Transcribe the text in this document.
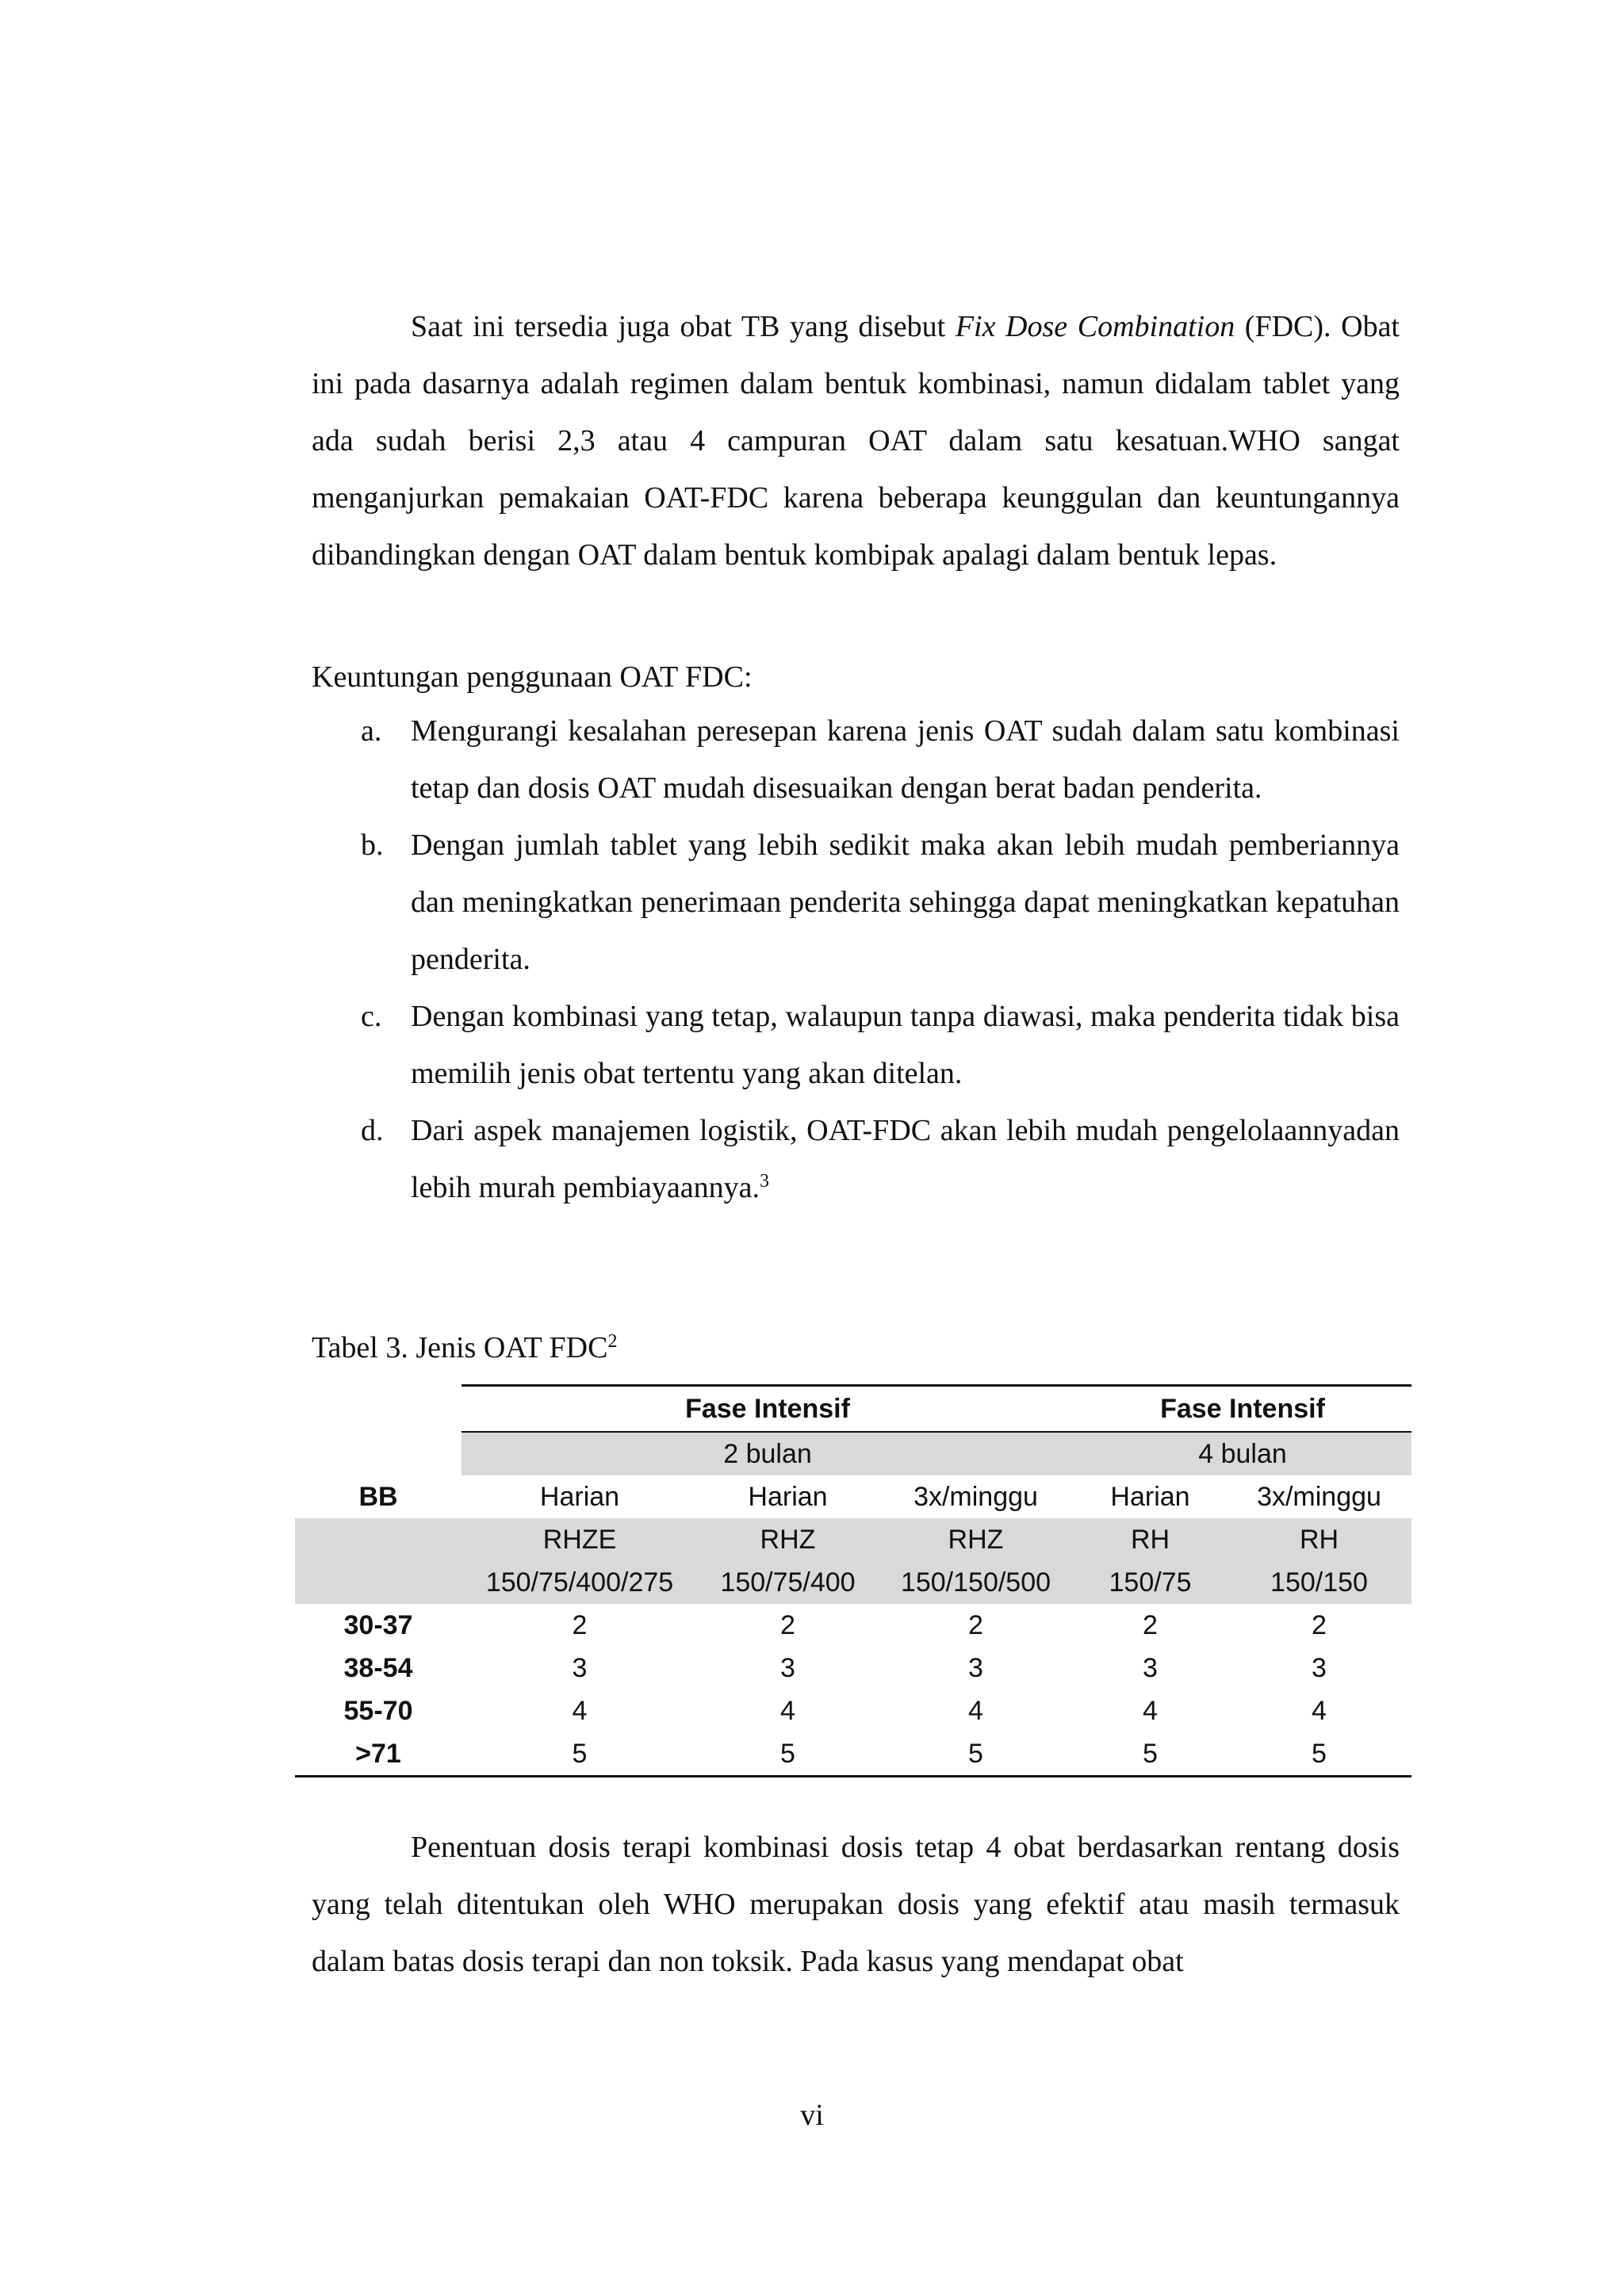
Saat ini tersedia juga obat TB yang disebut Fix Dose Combination (FDC). Obat ini pada dasarnya adalah regimen dalam bentuk kombinasi, namun didalam tablet yang ada sudah berisi 2,3 atau 4 campuran OAT dalam satu kesatuan.WHO sangat menganjurkan pemakaian OAT-FDC karena beberapa keunggulan dan keuntungannya dibandingkan dengan OAT dalam bentuk kombipak apalagi dalam bentuk lepas.
Keuntungan penggunaan OAT FDC:
a. Mengurangi kesalahan peresepan karena jenis OAT sudah dalam satu kombinasi tetap dan dosis OAT mudah disesuaikan dengan berat badan penderita.
b. Dengan jumlah tablet yang lebih sedikit maka akan lebih mudah pemberiannya dan meningkatkan penerimaan penderita sehingga dapat meningkatkan kepatuhan penderita.
c. Dengan kombinasi yang tetap, walaupun tanpa diawasi, maka penderita tidak bisa memilih jenis obat tertentu yang akan ditelan.
d. Dari aspek manajemen logistik, OAT-FDC akan lebih mudah pengelolaannyadan lebih murah pembiayaannya.$^3$
Tabel 3. Jenis OAT FDC$^2$
	Fase Intensif			Fase Intensif	
	2 bulan			4 bulan	
BB	Harian	Harian	3x/minggu	Harian	3x/minggu
	RHZE	RHZ	RHZ	RH	RH
	150/75/400/275	150/75/400	150/150/500	150/75	150/150
30-37	2	2	2	2	2
38-54	3	3	3	3	3
55-70	4	4	4	4	4
>71	5	5	5	5	5
Penentuan dosis terapi kombinasi dosis tetap 4 obat berdasarkan rentang dosis yang telah ditentukan oleh WHO merupakan dosis yang efektif atau masih termasuk dalam batas dosis terapi dan non toksik. Pada kasus yang mendapat obat
vi
